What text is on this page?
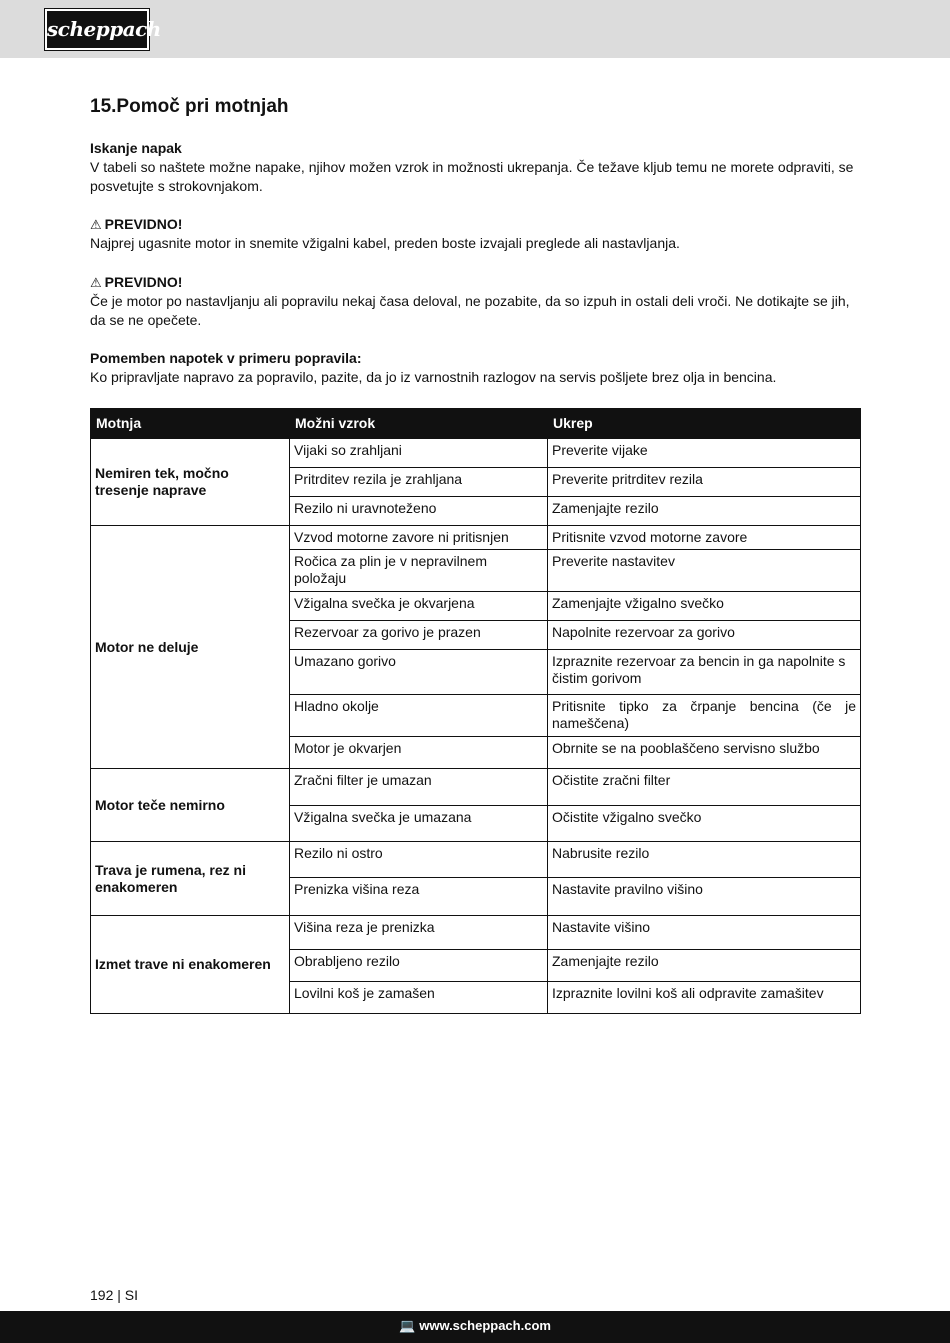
scheppach
15.Pomoč pri motnjah
Iskanje napak
V tabeli so naštete možne napake, njihov možen vzrok in možnosti ukrepanja. Če težave kljub temu ne morete odpraviti, se posvetujte s strokovnjakom.
⚠ PREVIDNO!
Najprej ugasnite motor in snemite vžigalni kabel, preden boste izvajali preglede ali nastavljanja.
⚠ PREVIDNO!
Če je motor po nastavljanju ali popravilu nekaj časa deloval, ne pozabite, da so izpuh in ostali deli vroči. Ne dotikajte se jih, da se ne opečete.
Pomemben napotek v primeru popravila:
Ko pripravljate napravo za popravilo, pazite, da jo iz varnostnih razlogov na servis pošljete brez olja in bencina.
Motnja	Možni vzrok	Ukrep
Nemiren tek, močno tresenje naprave	Vijaki so zrahljani	Preverite vijake
	Pritrditev rezila je zrahljana	Preverite pritrditev rezila
	Rezilo ni uravnoteženo	Zamenjajte rezilo
Motor ne deluje	Vzvod motorne zavore ni pritisnjen	Pritisnite vzvod motorne zavore
	Ročica za plin je v nepravilnem položaju	Preverite nastavitev
	Vžigalna svečka je okvarjena	Zamenjajte vžigalno svečko
	Rezervoar za gorivo je prazen	Napolnite rezervoar za gorivo
	Umazano gorivo	Izpraznite rezervoar za bencin in ga napolnite s čistim gorivom
	Hladno okolje	Pritisnite tipko za črpanje bencina (če je nameščena)
	Motor je okvarjen	Obrnite se na pooblaščeno servisno službo
Motor teče nemirno	Zračni filter je umazan	Očistite zračni filter
	Vžigalna svečka je umazana	Očistite vžigalno svečko
Trava je rumena, rez ni enakomeren	Rezilo ni ostro	Nabrusite rezilo
	Prenizka višina reza	Nastavite pravilno višino
Izmet trave ni enakomeren	Višina reza je prenizka	Nastavite višino
	Obrabljeno rezilo	Zamenjajte rezilo
	Lovilni koš je zamašen	Izpraznite lovilni koš ali odpravite zamašitev
192 | SI
💻 www.scheppach.com
